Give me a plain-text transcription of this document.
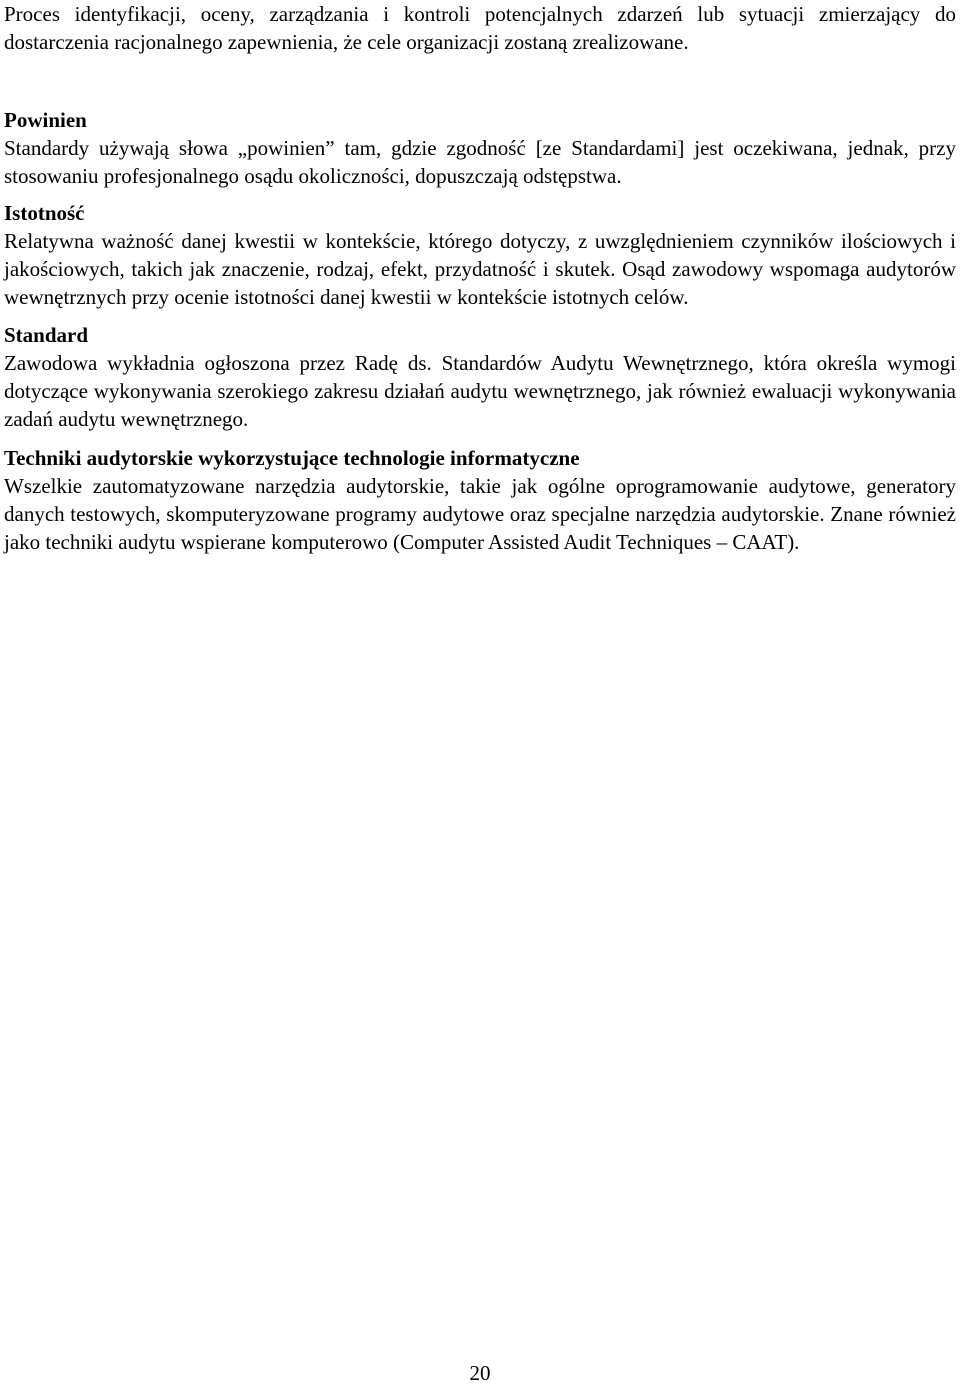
Proces identyfikacji, oceny, zarządzania i kontroli potencjalnych zdarzeń lub sytuacji zmierzający do dostarczenia racjonalnego zapewnienia, że cele organizacji zostaną zrealizowane.

Powinien

Standardy używają słowa „powinien” tam, gdzie zgodność [ze Standardami] jest oczekiwana, jednak, przy stosowaniu profesjonalnego osądu okoliczności, dopuszczają odstępstwa.

Istotność

Relatywna ważność danej kwestii w kontekście, którego dotyczy, z uwzględnieniem czynników ilościowych i jakościowych, takich jak znaczenie, rodzaj, efekt, przydatność i skutek. Osąd zawodowy wspomaga audytorów wewnętrznych przy ocenie istotności danej kwestii w kontekście istotnych celów.

Standard

Zawodowa wykładnia ogłoszona przez Radę ds. Standardów Audytu Wewnętrznego, która określa wymogi dotyczące wykonywania szerokiego zakresu działań audytu wewnętrznego, jak również ewaluacji wykonywania zadań audytu wewnętrznego.

Techniki audytorskie wykorzystujące technologie informatyczne

Wszelkie zautomatyzowane narzędzia audytorskie, takie jak ogólne oprogramowanie audytowe, generatory danych testowych, skomputeryzowane programy audytowe oraz specjalne narzędzia audytorskie. Znane również jako techniki audytu wspierane komputerowo (Computer Assisted Audit Techniques – CAAT).

20
